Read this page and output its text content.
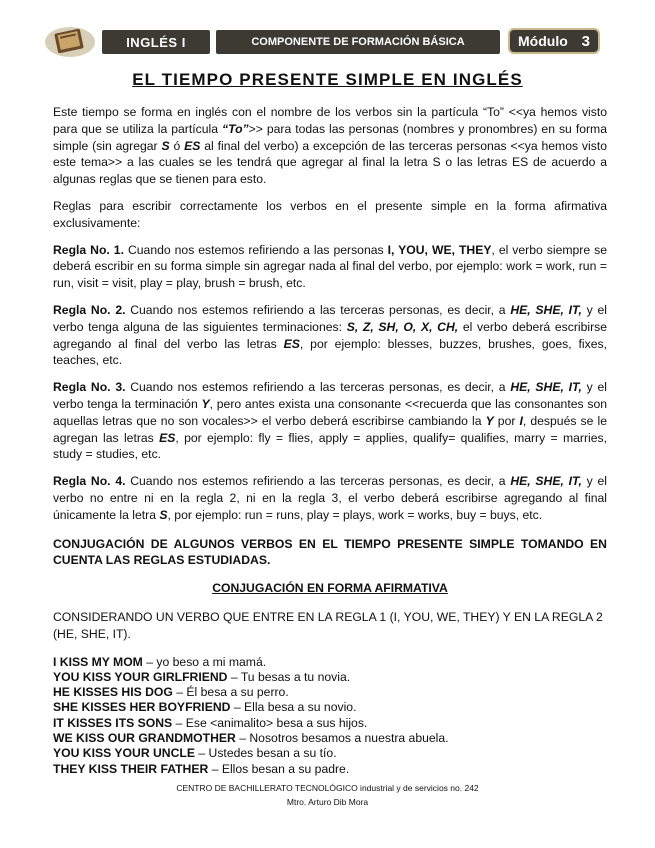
INGLÉS I	COMPONENTE DE FORMACIÓN BÁSICA	Módulo 3
EL TIEMPO PRESENTE SIMPLE EN INGLÉS

Este tiempo se forma en inglés con el nombre de los verbos sin la partícula “To” <<ya hemos visto para que se utiliza la partícula “To”>> para todas las personas (nombres y pronombres) en su forma simple (sin agregar S ó ES al final del verbo) a excepción de las terceras personas <<ya hemos visto este tema>> a las cuales se les tendrá que agregar al final la letra S o las letras ES de acuerdo a algunas reglas que se tienen para esto.

Reglas para escribir correctamente los verbos en el presente simple en la forma afirmativa exclusivamente:

Regla No. 1. Cuando nos estemos refiriendo a las personas I, YOU, WE, THEY, el verbo siempre se deberá escribir en su forma simple sin agregar nada al final del verbo, por ejemplo: work = work, run = run, visit = visit, play = play, brush = brush, etc.

Regla No. 2. Cuando nos estemos refiriendo a las terceras personas, es decir, a HE, SHE, IT, y el verbo tenga alguna de las siguientes terminaciones: S, Z, SH, O, X, CH, el verbo deberá escribirse agregando al final del verbo las letras ES, por ejemplo: blesses, buzzes, brushes, goes, fixes, teaches, etc.

Regla No. 3. Cuando nos estemos refiriendo a las terceras personas, es decir, a HE, SHE, IT, y el verbo tenga la terminación Y, pero antes exista una consonante <<recuerda que las consonantes son aquellas letras que no son vocales>> el verbo deberá escribirse cambiando la Y por I, después se le agregan las letras ES, por ejemplo: fly = flies, apply = applies, qualify= qualifies, marry = marries, study = studies, etc.

Regla No. 4. Cuando nos estemos refiriendo a las terceras personas, es decir, a HE, SHE, IT, y el verbo no entre ni en la regla 2, ni en la regla 3, el verbo deberá escribirse agregando al final únicamente la letra S, por ejemplo: run = runs, play = plays, work = works, buy = buys, etc.

CONJUGACIÓN DE ALGUNOS VERBOS EN EL TIEMPO PRESENTE SIMPLE TOMANDO EN CUENTA LAS REGLAS ESTUDIADAS.

CONJUGACIÓN EN FORMA AFIRMATIVA

CONSIDERANDO UN VERBO QUE ENTRE EN LA REGLA 1 (I, YOU, WE, THEY) Y EN LA REGLA 2 (HE, SHE, IT).

I KISS MY MOM – yo beso a mi mamá.

YOU KISS YOUR GIRLFRIEND – Tu besas a tu novia.

HE KISSES HIS DOG – Él besa a su perro.

SHE KISSES HER BOYFRIEND – Ella besa a su novio.

IT KISSES ITS SONS – Ese <animalito> besa a sus hijos.

WE KISS OUR GRANDMOTHER – Nosotros besamos a nuestra abuela.

YOU KISS YOUR UNCLE – Ustedes besan a su tío.

THEY KISS THEIR FATHER – Ellos besan a su padre.

CENTRO DE BACHILLERATO TECNOLÓGICO industrial y de servicios no. 242
Mtro. Arturo Dib Mora
